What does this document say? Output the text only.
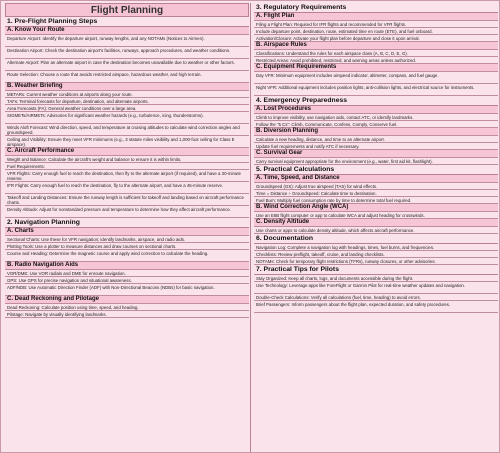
Flight Planning
1. Pre-Flight Planning Steps
A. Know Your Route
Departure Airport: Identify the departure airport, runway lengths, and any NOTAMs (Notices to Airmen).
Destination Airport: Check the destination airport's facilities, runways, approach procedures, and weather conditions.
Alternate Airport: Plan an alternate airport in case the destination becomes unavailable due to weather or other factors.
Route Selection: Choose a route that avoids restricted airspace, hazardous weather, and high terrain.
B. Weather Briefing
METARs: Current weather conditions at airports along your route.
TAFs: Terminal forecasts for departure, destination, and alternate airports.
Area Forecasts (FA): General weather conditions over a large area.
SIGMETs/AIRMETs: Advisories for significant weather hazards (e.g., turbulence, icing, thunderstorms).
Winds Aloft Forecast: Wind direction, speed, and temperature at cruising altitudes to calculate wind correction angles and groundspeed.
Ceiling and Visibility: Ensure they meet VFR minimums (e.g., 3 statute miles visibility and 1,000-foot ceiling for Class E airspace).
C. Aircraft Performance
Weight and Balance: Calculate the aircraft's weight and balance to ensure it is within limits.
Fuel Requirements:
VFR Flights: Carry enough fuel to reach the destination, then fly to the alternate airport (if required), and have a 30-minute reserve.
IFR Flights: Carry enough fuel to reach the destination, fly to the alternate airport, and have a 45-minute reserve.
Takeoff and Landing Distances: Ensure the runway length is sufficient for takeoff and landing based on aircraft performance charts.
Density Altitude: Adjust for nonstandard pressure and temperature to determine how they affect aircraft performance.
2. Navigation Planning
A. Charts
Sectional Charts: Use these for VFR navigation; identify landmarks, airspace, and radio aids.
Plotting Tools: Use a plotter to measure distances and draw courses on sectional charts.
Course and Heading: Determine the magnetic course and apply wind correction to calculate the heading.
B. Radio Navigation Aids
VOR/DME: Use VOR radials and DME for enroute navigation.
GPS: Use GPS for precise navigation and situational awareness.
ADF/NDB: Use Automatic Direction Finder (ADF) with Non-Directional Beacons (NDBs) for basic navigation.
C. Dead Reckoning and Pilotage
Dead Reckoning: Calculate position using time, speed, and heading.
Pilotage: Navigate by visually identifying landmarks.
3. Regulatory Requirements
A. Flight Plan
Filing a Flight Plan: Required for IFR flights and recommended for VFR flights.
Include departure point, destination, route, estimated time en route (ETE), and fuel onboard.
Activation/Closure: Activate your flight plan before departure and close it upon arrival.
B. Airspace Rules
Classifications: Understand the rules for each airspace class (A, B, C, D, E, G).
Restricted Areas: Avoid prohibited, restricted, and warning areas unless authorized.
C. Equipment Requirements
Day VFR: Minimum equipment includes airspeed indicator, altimeter, compass, and fuel gauge.
Night VFR: Additional equipment includes position lights, anti-collision lights, and electrical source for instruments.
4. Emergency Preparedness
A. Lost Procedures
Climb to improve visibility, use navigation aids, contact ATC, or identify landmarks.
Follow the "5 Cs": Climb, Communicate, Confess, Comply, Conserve fuel.
B. Diversion Planning
Calculate a new heading, distance, and time to an alternate airport.
Update fuel requirements and notify ATC if necessary.
C. Survival Gear
Carry survival equipment appropriate for the environment (e.g., water, first aid kit, flashlight).
5. Practical Calculations
A. Time, Speed, and Distance
Groundspeed (GS): Adjust true airspeed (TAS) for wind effects.
Time = Distance ÷ Groundspeed: Calculate time to destination.
Fuel Burn: Multiply fuel consumption rate by time to determine total fuel required.
B. Wind Correction Angle (WCA)
Use an E6B flight computer or app to calculate WCA and adjust heading for crosswinds.
C. Density Altitude
Use charts or apps to calculate density altitude, which affects aircraft performance.
6. Documentation
Navigation Log: Complete a navigation log with headings, times, fuel burns, and frequencies.
Checklists: Review preflight, takeoff, cruise, and landing checklists.
NOTAMs: Check for temporary flight restrictions (TFRs), runway closures, or other advisories.
7. Practical Tips for Pilots
Stay Organized: Keep all charts, logs, and documents accessible during the flight.
Use Technology: Leverage apps like ForeFlight or Garmin Pilot for real-time weather updates and navigation.
Double-Check Calculations: Verify all calculations (fuel, time, heading) to avoid errors.
Brief Passengers: Inform passengers about the flight plan, expected duration, and safety procedures.
